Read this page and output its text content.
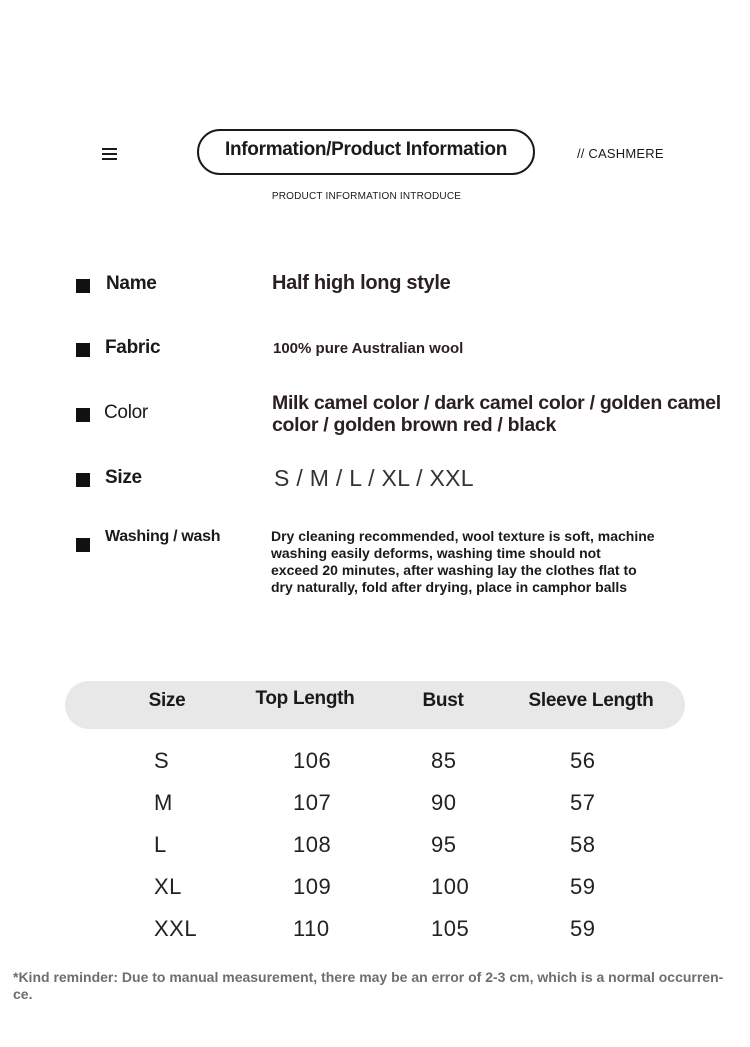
Information/Product Information	// CASHMERE
PRODUCT INFORMATION INTRODUCE
Name	Half high long style
Fabric	100% pure Australian wool
Color	Milk camel color / dark camel color / golden camel
color / golden brown red / black
Size	S / M / L / XL / XXL
Washing / wash	Dry cleaning recommended, wool texture is soft, machine
washing easily deforms, washing time should not
exceed 20 minutes, after washing lay the clothes flat to
dry naturally, fold after drying, place in camphor balls
Size	Top Length	Bust	Sleeve Length
S	106	85	56
M	107	90	57
L	108	95	58
XL	109	100	59
XXL	110	105	59
*Kind reminder: Due to manual measurement, there may be an error of 2-3 cm, which is a normal occurren-
ce.
